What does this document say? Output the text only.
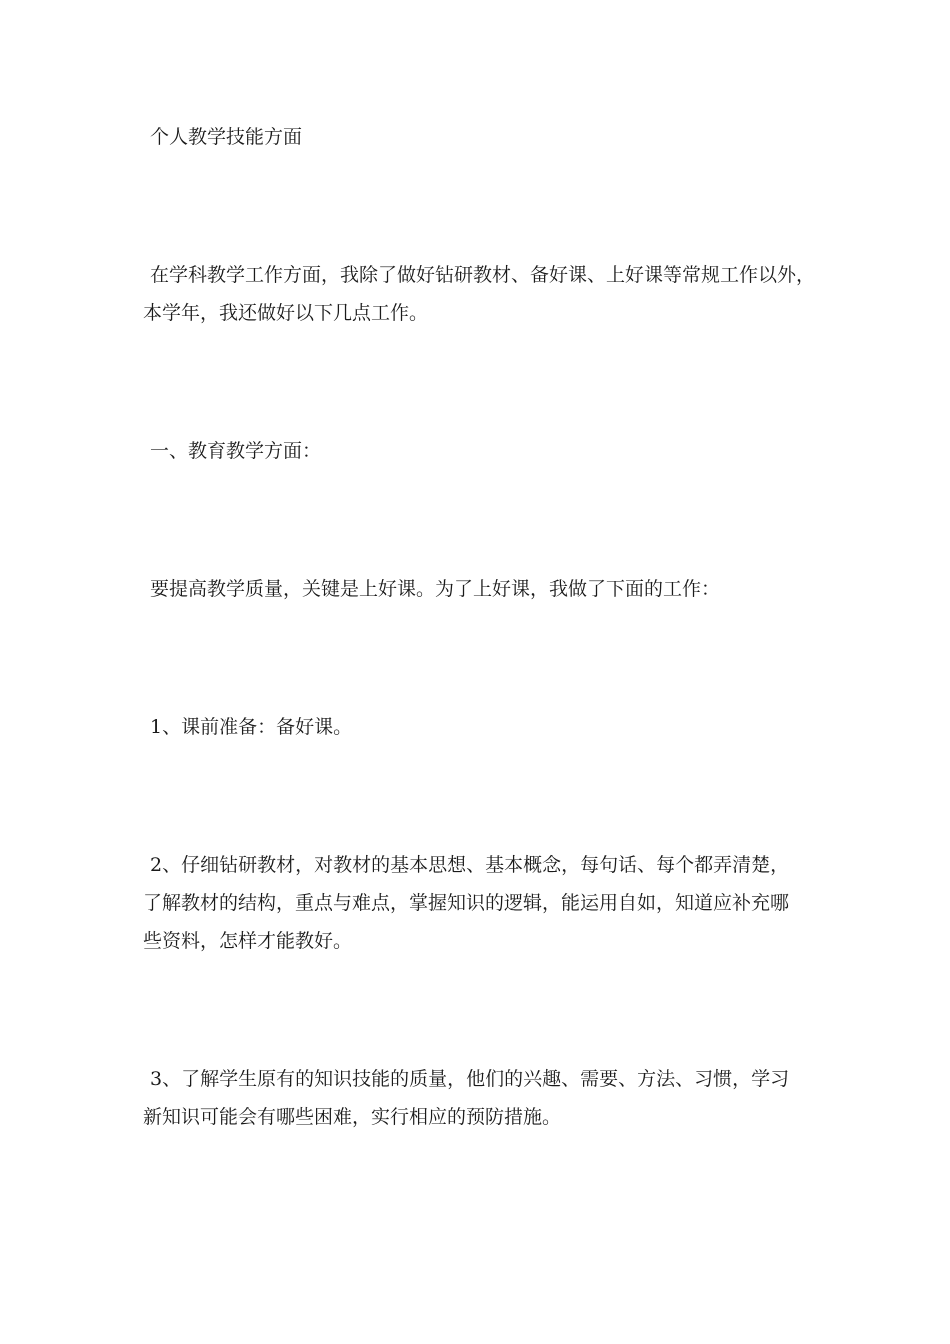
个人教学技能方面

在学科教学工作方面，我除了做好钻研教材、备好课、上好课等常规工作以外，

本学年，我还做好以下几点工作。

一、教育教学方面：

要提高教学质量，关键是上好课。为了上好课，我做了下面的工作：

1、课前准备：备好课。

2、仔细钻研教材，对教材的基本思想、基本概念，每句话、每个都弄清楚，

了解教材的结构，重点与难点，掌握知识的逻辑，能运用自如，知道应补充哪

些资料，怎样才能教好。

3、了解学生原有的知识技能的质量，他们的兴趣、需要、方法、习惯，学习

新知识可能会有哪些困难，实行相应的预防措施。
